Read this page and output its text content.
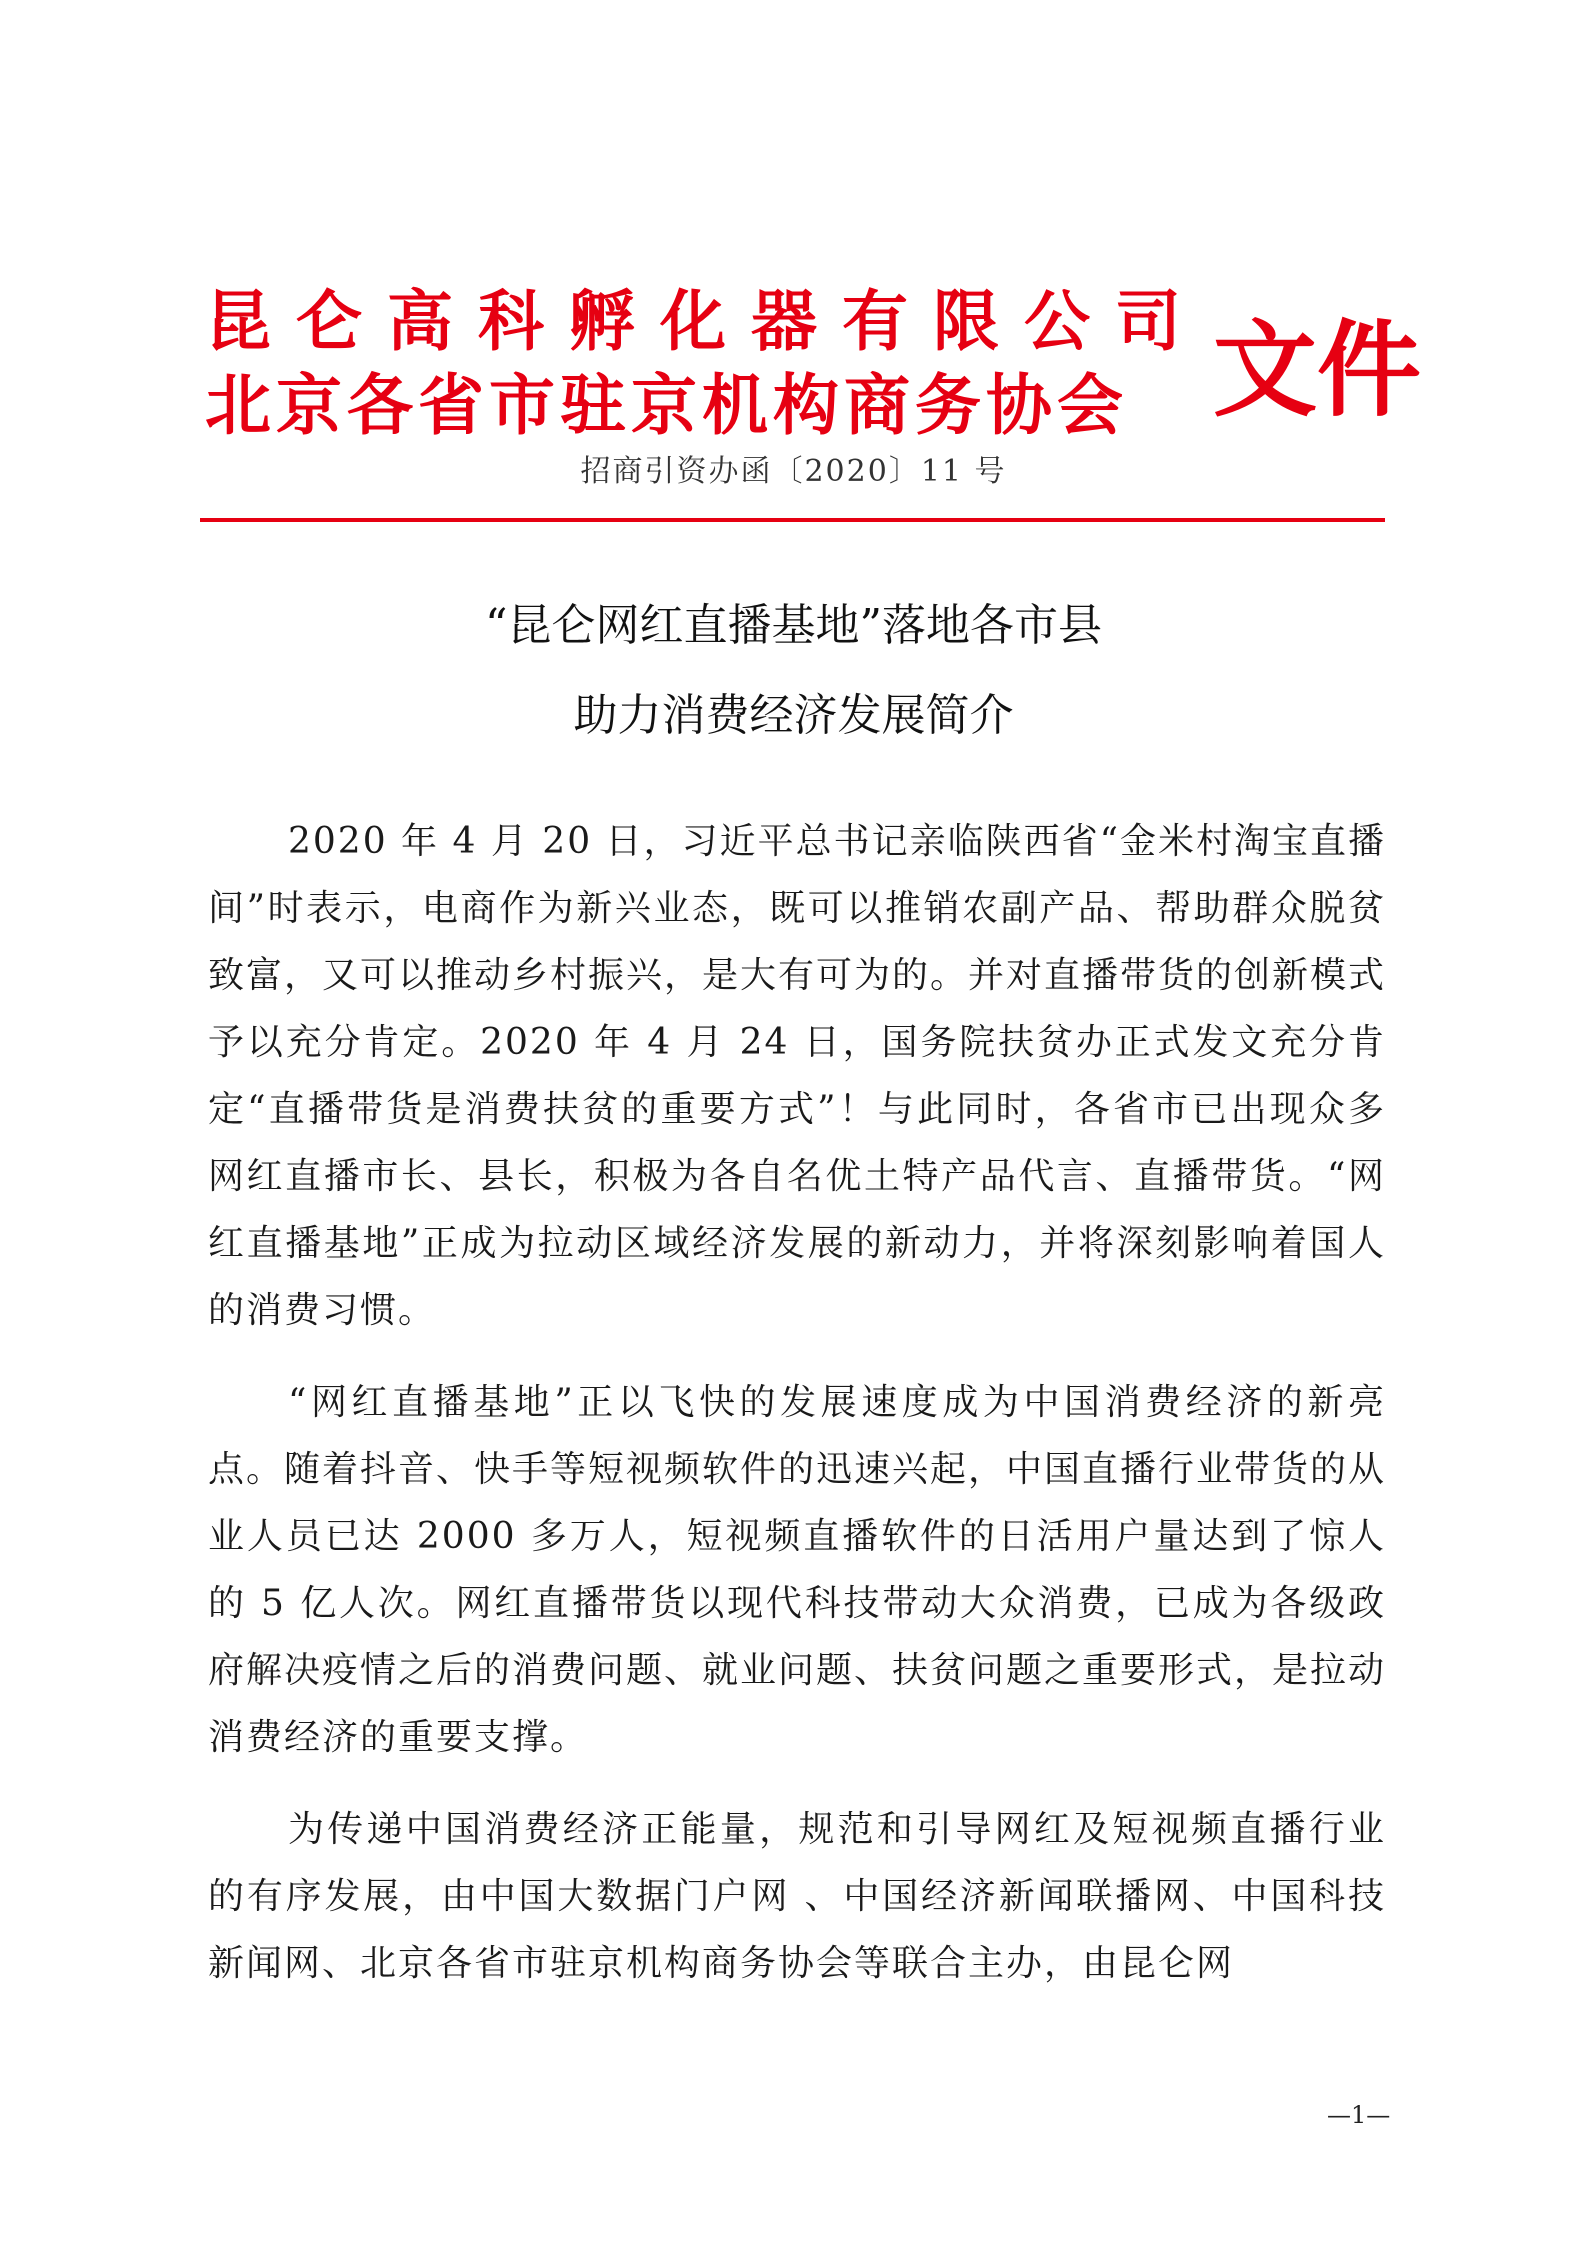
昆仑高科孵化器有限公司
北京各省市驻京机构商务协会 文件
招商引资办函〔2020〕11 号
“昆仑网红直播基地”落地各市县
助力消费经济发展简介

2020 年 4 月 20 日，习近平总书记亲临陕西省“金米村淘宝直播间”时表示，电商作为新兴业态，既可以推销农副产品、帮助群众脱贫致富，又可以推动乡村振兴，是大有可为的。并对直播带货的创新模式予以充分肯定。2020 年 4 月 24 日，国务院扶贫办正式发文充分肯定“直播带货是消费扶贫的重要方式”！与此同时，各省市已出现众多网红直播市长、县长，积极为各自名优土特产品代言、直播带货。“网红直播基地”正成为拉动区域经济发展的新动力，并将深刻影响着国人的消费习惯。

“网红直播基地”正以飞快的发展速度成为中国消费经济的新亮点。随着抖音、快手等短视频软件的迅速兴起，中国直播行业带货的从业人员已达 2000 多万人，短视频直播软件的日活用户量达到了惊人的 5 亿人次。网红直播带货以现代科技带动大众消费，已成为各级政府解决疫情之后的消费问题、就业问题、扶贫问题之重要形式，是拉动消费经济的重要支撑。

为传递中国消费经济正能量，规范和引导网红及短视频直播行业的有序发展，由中国大数据门户网 、中国经济新闻联播网、中国科技新闻网、北京各省市驻京机构商务协会等联合主办，由昆仑网

—1—
